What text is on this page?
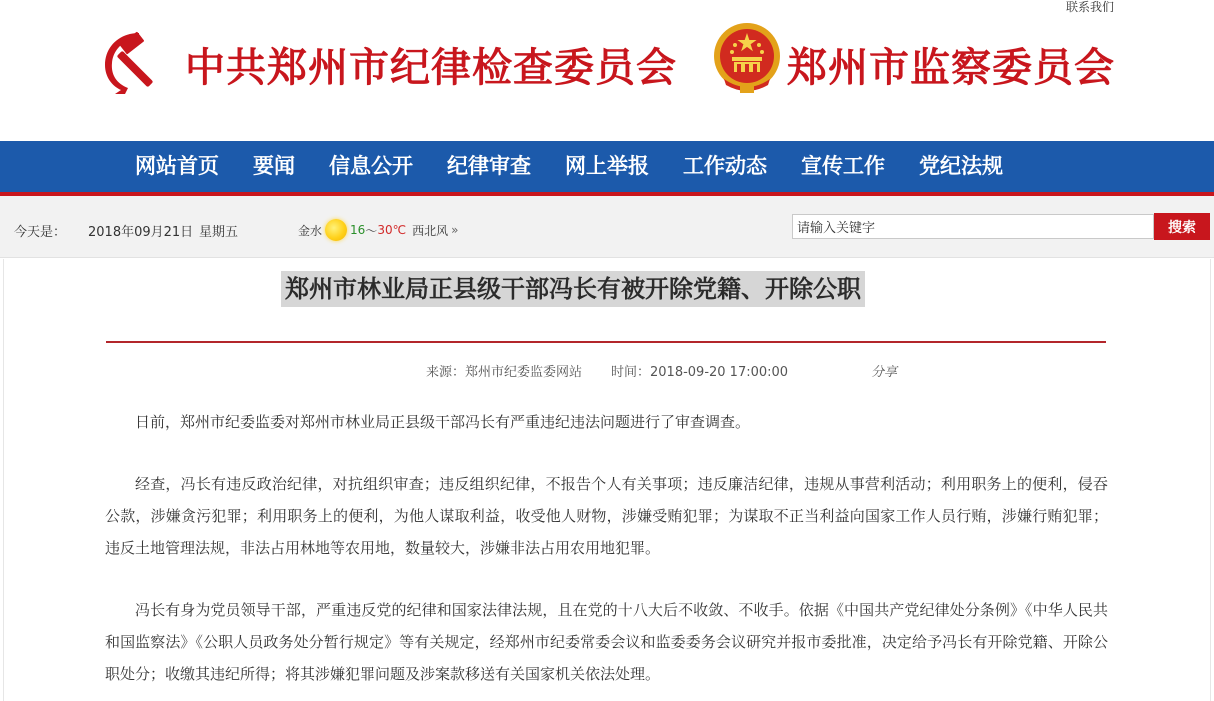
联系我们
中共郑州市纪律检查委员会	郑州市监察委员会
网站首页	要闻	信息公开	纪律审查	网上举报	工作动态	宣传工作	党纪法规
今天是： 2018年09月21日 星期五	金水 16 ～ 30℃ 西北风 »
请输入关键字	搜索
郑州市林业局正县级干部冯长有被开除党籍、开除公职
来源：郑州市纪委监委网站 时间：2018-09-20 17:00:00	分享

日前，郑州市纪委监委对郑州市林业局正县级干部冯长有严重违纪违法问题进行了审查调查。

经查，冯长有违反政治纪律，对抗组织审查；违反组织纪律，不报告个人有关事项；违反廉洁纪律，违规从事营利活动；利用职务上的便利，侵吞公款，涉嫌贪污犯罪；利用职务上的便利，为他人谋取利益，收受他人财物，涉嫌受贿犯罪；为谋取不正当利益向国家工作人员行贿，涉嫌行贿犯罪；违反土地管理法规，非法占用林地等农用地，数量较大，涉嫌非法占用农用地犯罪。

冯长有身为党员领导干部，严重违反党的纪律和国家法律法规，且在党的十八大后不收敛、不收手。依据《中国共产党纪律处分条例》《中华人民共和国监察法》《公职人员政务处分暂行规定》等有关规定，经郑州市纪委常委会议和监委委务会议研究并报市委批准，决定给予冯长有开除党籍、开除公职处分；收缴其违纪所得；将其涉嫌犯罪问题及涉案款移送有关国家机关依法处理。
